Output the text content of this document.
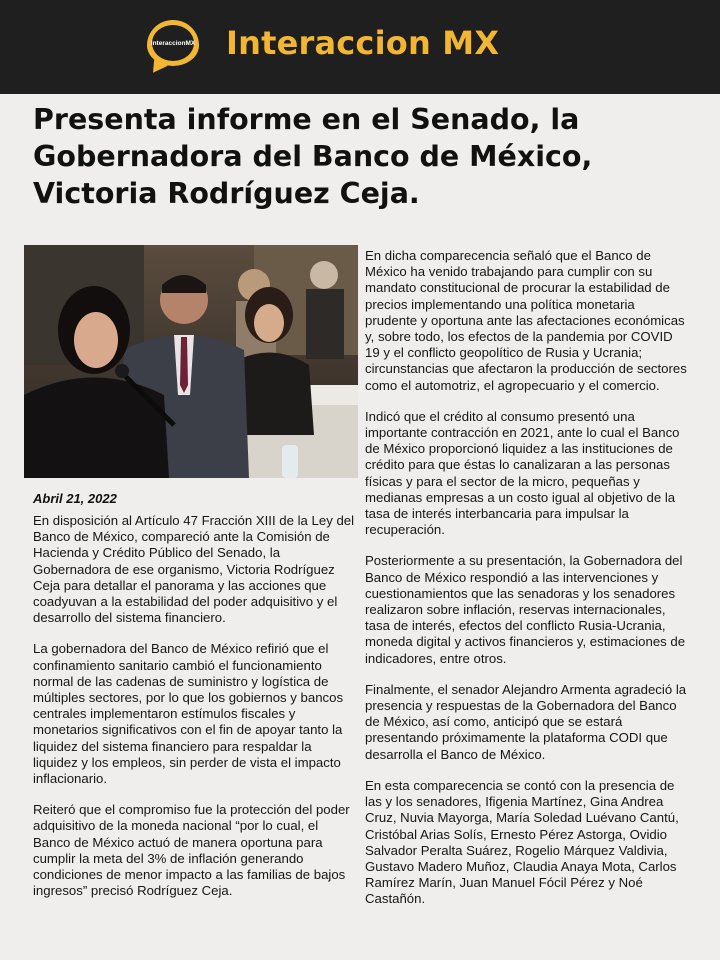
InteraccionMX Interaccion MX
Presenta informe en el Senado, la Gobernadora del Banco de México, Victoria Rodríguez Ceja.
Abril 21, 2022

En disposición al Artículo 47 Fracción XIII de la Ley del Banco de México, compareció ante la Comisión de Hacienda y Crédito Público del Senado, la Gobernadora de ese organismo, Victoria Rodríguez Ceja para detallar el panorama y las acciones que coadyuvan a la estabilidad del poder adquisitivo y el desarrollo del sistema financiero.

La gobernadora del Banco de México refirió que el confinamiento sanitario cambió el funcionamiento normal de las cadenas de suministro y logística de múltiples sectores, por lo que los gobiernos y bancos centrales implementaron estímulos fiscales y monetarios significativos con el fin de apoyar tanto la liquidez del sistema financiero para respaldar la liquidez y los empleos, sin perder de vista el impacto inflacionario.

Reiteró que el compromiso fue la protección del poder adquisitivo de la moneda nacional “por lo cual, el Banco de México actuó de manera oportuna para cumplir la meta del 3% de inflación generando condiciones de menor impacto a las familias de bajos ingresos” precisó Rodríguez Ceja.

En dicha comparecencia señaló que el Banco de México ha venido trabajando para cumplir con su mandato constitucional de procurar la estabilidad de precios implementando una política monetaria prudente y oportuna ante las afectaciones económicas y, sobre todo, los efectos de la pandemia por COVID 19 y el conflicto geopolítico de Rusia y Ucrania; circunstancias que afectaron la producción de sectores como el automotriz, el agropecuario y el comercio.

Indicó que el crédito al consumo presentó una importante contracción en 2021, ante lo cual el Banco de México proporcionó liquidez a las instituciones de crédito para que éstas lo canalizaran a las personas físicas y para el sector de la micro, pequeñas y medianas empresas a un costo igual al objetivo de la tasa de interés interbancaria para impulsar la recuperación.

Posteriormente a su presentación, la Gobernadora del Banco de México respondió a las intervenciones y cuestionamientos que las senadoras y los senadores realizaron sobre inflación, reservas internacionales, tasa de interés, efectos del conflicto Rusia-Ucrania, moneda digital y activos financieros y, estimaciones de indicadores, entre otros.

Finalmente, el senador Alejandro Armenta agradeció la presencia y respuestas de la Gobernadora del Banco de México, así como, anticipó que se estará presentando próximamente la plataforma CODI que desarrolla el Banco de México.

En esta comparecencia se contó con la presencia de las y los senadores, Ifigenia Martínez, Gina Andrea Cruz, Nuvia Mayorga, María Soledad Luévano Cantú, Cristóbal Arias Solís, Ernesto Pérez Astorga, Ovidio Salvador Peralta Suárez, Rogelio Márquez Valdivia, Gustavo Madero Muñoz, Claudia Anaya Mota, Carlos Ramírez Marín, Juan Manuel Fócil Pérez y Noé Castañón.
